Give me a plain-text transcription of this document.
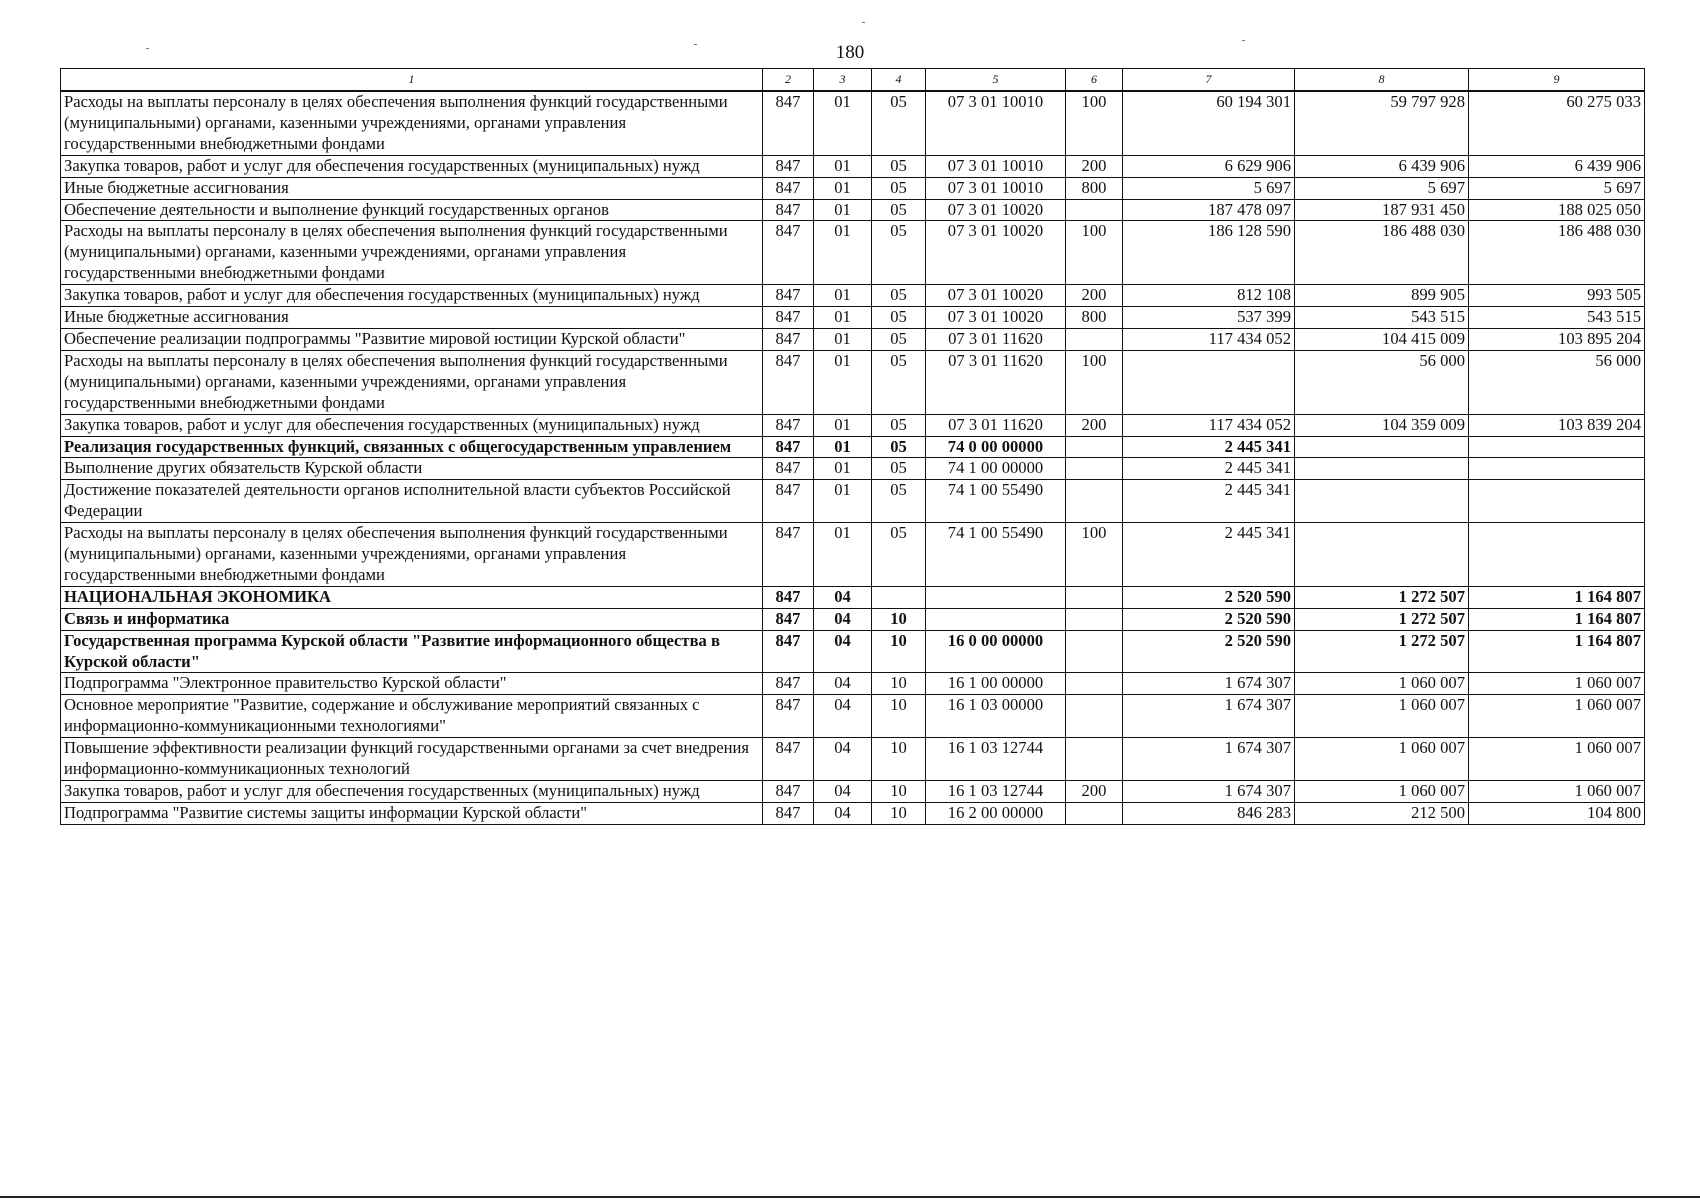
180
1	2	3	4	5	6	7	8	9
Расходы на выплаты персоналу в целях обеспечения выполнения функций государственными (муниципальными) органами, казенными учреждениями, органами управления государственными внебюджетными фондами	847	01	05	07 3 01 10010	100	60 194 301	59 797 928	60 275 033
Закупка товаров, работ и услуг для обеспечения государственных (муниципальных) нужд	847	01	05	07 3 01 10010	200	6 629 906	6 439 906	6 439 906
Иные бюджетные ассигнования	847	01	05	07 3 01 10010	800	5 697	5 697	5 697
Обеспечение деятельности и выполнение функций государственных органов	847	01	05	07 3 01 10020		187 478 097	187 931 450	188 025 050
Расходы на выплаты персоналу в целях обеспечения выполнения функций государственными (муниципальными) органами, казенными учреждениями, органами управления государственными внебюджетными фондами	847	01	05	07 3 01 10020	100	186 128 590	186 488 030	186 488 030
Закупка товаров, работ и услуг для обеспечения государственных (муниципальных) нужд	847	01	05	07 3 01 10020	200	812 108	899 905	993 505
Иные бюджетные ассигнования	847	01	05	07 3 01 10020	800	537 399	543 515	543 515
Обеспечение реализации подпрограммы "Развитие мировой юстиции Курской области"	847	01	05	07 3 01 11620		117 434 052	104 415 009	103 895 204
Расходы на выплаты персоналу в целях обеспечения выполнения функций государственными (муниципальными) органами, казенными учреждениями, органами управления государственными внебюджетными фондами	847	01	05	07 3 01 11620	100		56 000	56 000
Закупка товаров, работ и услуг для обеспечения государственных (муниципальных) нужд	847	01	05	07 3 01 11620	200	117 434 052	104 359 009	103 839 204
Реализация государственных функций, связанных с общегосударственным управлением	847	01	05	74 0 00 00000		2 445 341		
Выполнение других обязательств Курской области	847	01	05	74 1 00 00000		2 445 341		
Достижение показателей деятельности органов исполнительной власти субъектов Российской Федерации	847	01	05	74 1 00 55490		2 445 341		
Расходы на выплаты персоналу в целях обеспечения выполнения функций государственными (муниципальными) органами, казенными учреждениями, органами управления государственными внебюджетными фондами	847	01	05	74 1 00 55490	100	2 445 341		
НАЦИОНАЛЬНАЯ ЭКОНОМИКА	847	04				2 520 590	1 272 507	1 164 807
Связь и информатика	847	04	10			2 520 590	1 272 507	1 164 807
Государственная программа Курской области "Развитие информационного общества в Курской области"	847	04	10	16 0 00 00000		2 520 590	1 272 507	1 164 807
Подпрограмма "Электронное правительство Курской области"	847	04	10	16 1 00 00000		1 674 307	1 060 007	1 060 007
Основное мероприятие "Развитие, содержание и обслуживание мероприятий связанных с информационно-коммуникационными технологиями"	847	04	10	16 1 03 00000		1 674 307	1 060 007	1 060 007
Повышение эффективности реализации функций государственными органами за счет внедрения информационно-коммуникационных технологий	847	04	10	16 1 03 12744		1 674 307	1 060 007	1 060 007
Закупка товаров, работ и услуг для обеспечения государственных (муниципальных) нужд	847	04	10	16 1 03 12744	200	1 674 307	1 060 007	1 060 007
Подпрограмма "Развитие системы защиты информации Курской области"	847	04	10	16 2 00 00000		846 283	212 500	104 800
